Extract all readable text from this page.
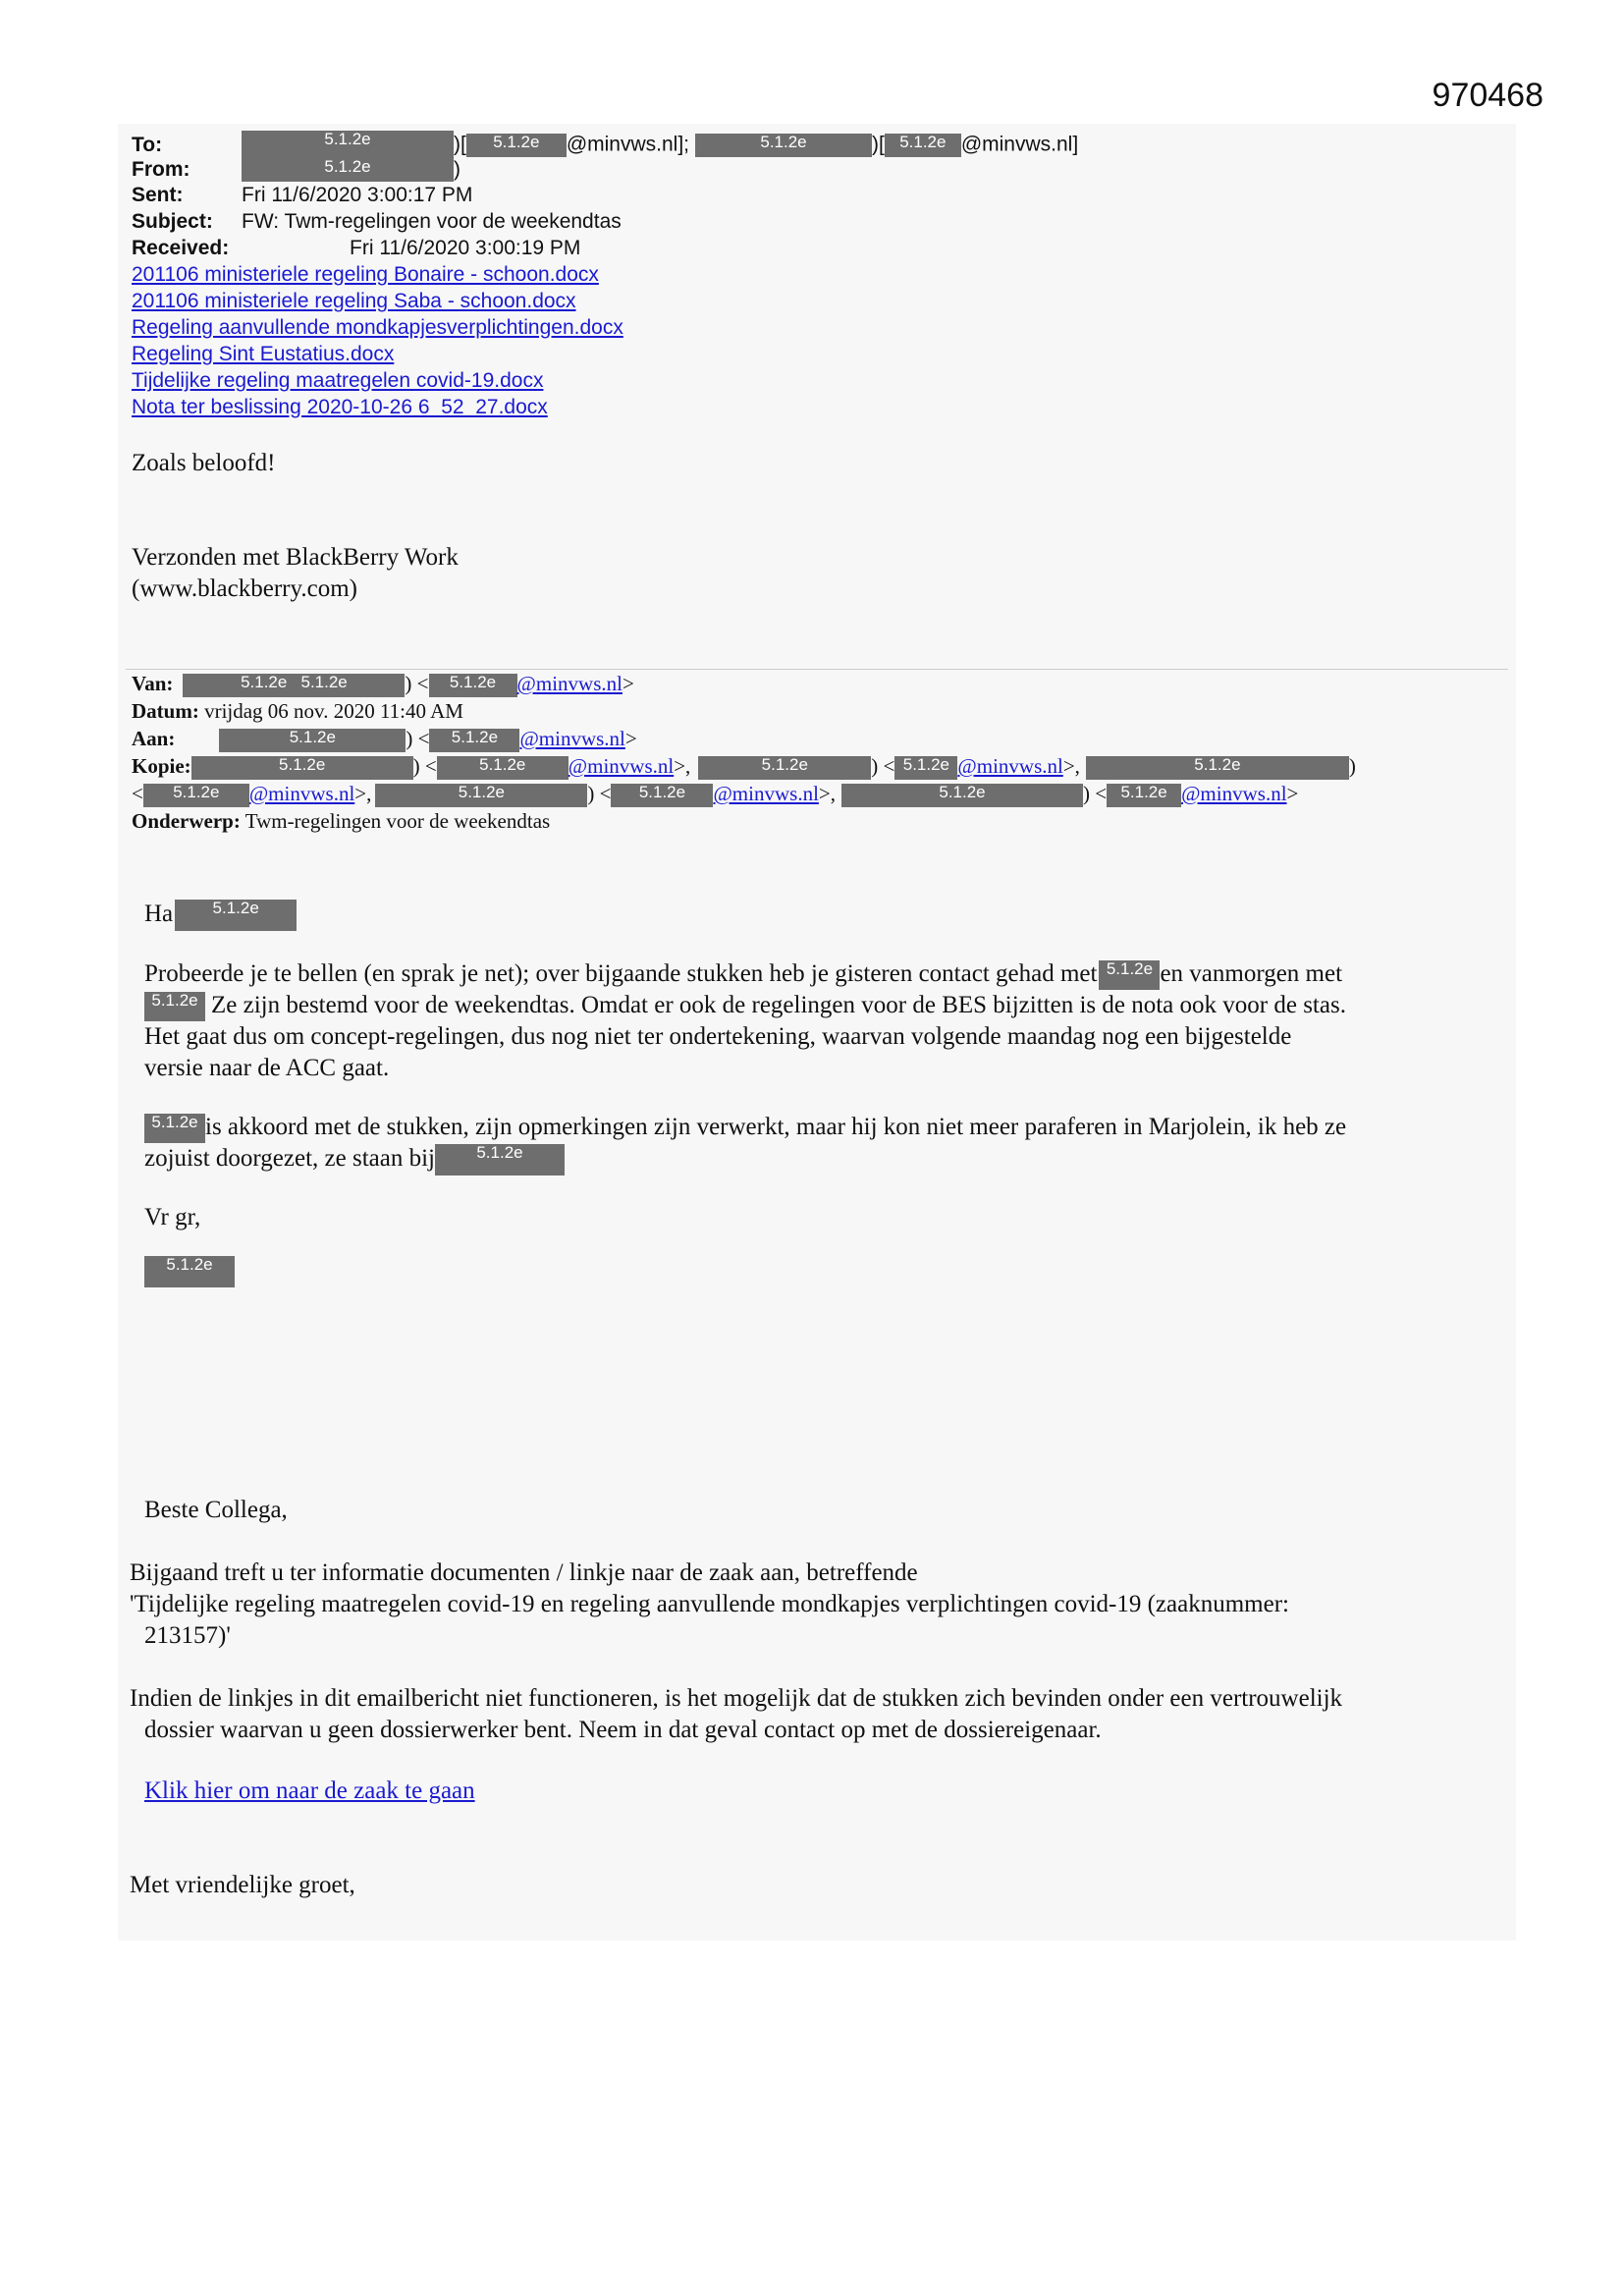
970468
To:	5.1.2e	)[ 5.1.2e @minvws.nl];	5.1.2e	)[ 5.1.2e @minvws.nl]
From:	5.1.2e	)
Sent:	Fri 11/6/2020 3:00:17 PM
Subject: FW: Twm-regelingen voor de weekendtas
Received:	Fri 11/6/2020 3:00:19 PM
201106 ministeriele regeling Bonaire - schoon.docx
201106 ministeriele regeling Saba - schoon.docx
Regeling aanvullende mondkapjesverplichtingen.docx
Regeling Sint Eustatius.docx
Tijdelijke regeling maatregelen covid-19.docx
Nota ter beslissing 2020-10-26 6_52_27.docx
Zoals beloofd!
Verzonden met BlackBerry Work
(www.blackberry.com)
Van:	5.1.2e   5.1.2e	) < 5.1.2e @minvws.nl>
Datum: vrijdag 06 nov. 2020 11:40 AM
Aan:	5.1.2e	) < 5.1.2e @minvws.nl>
Kopie:	5.1.2e	) <	5.1.2e @minvws.nl>,	5.1.2e	) < 5.1.2e @minvws.nl>,	5.1.2e	)
< 5.1.2e @minvws.nl>,	5.1.2e	) < 5.1.2e @minvws.nl>,	5.1.2e	) < 5.1.2e @minvws.nl>
Onderwerp: Twm-regelingen voor de weekendtas
Ha 5.1.2e
Probeerde je te bellen (en sprak je net); over bijgaande stukken heb je gisteren contact gehad met 5.1.2e en vanmorgen met
5.1.2e Ze zijn bestemd voor de weekendtas. Omdat er ook de regelingen voor de BES bijzitten is de nota ook voor de stas.
Het gaat dus om concept-regelingen, dus nog niet ter ondertekening, waarvan volgende maandag nog een bijgestelde
versie naar de ACC gaat.
5.1.2e is akkoord met de stukken, zijn opmerkingen zijn verwerkt, maar hij kon niet meer paraferen in Marjolein, ik heb ze
zojuist doorgezet, ze staan bij 5.1.2e
Vr gr,
5.1.2e
Beste Collega,
Bijgaand treft u ter informatie documenten / linkje naar de zaak aan, betreffende
'Tijdelijke regeling maatregelen covid-19 en regeling aanvullende mondkapjes verplichtingen covid-19 (zaaknummer:
213157)'
Indien de linkjes in dit emailbericht niet functioneren, is het mogelijk dat de stukken zich bevinden onder een vertrouwelijk
dossier waarvan u geen dossierwerker bent. Neem in dat geval contact op met de dossiereigenaar.
Klik hier om naar de zaak te gaan
Met vriendelijke groet,
